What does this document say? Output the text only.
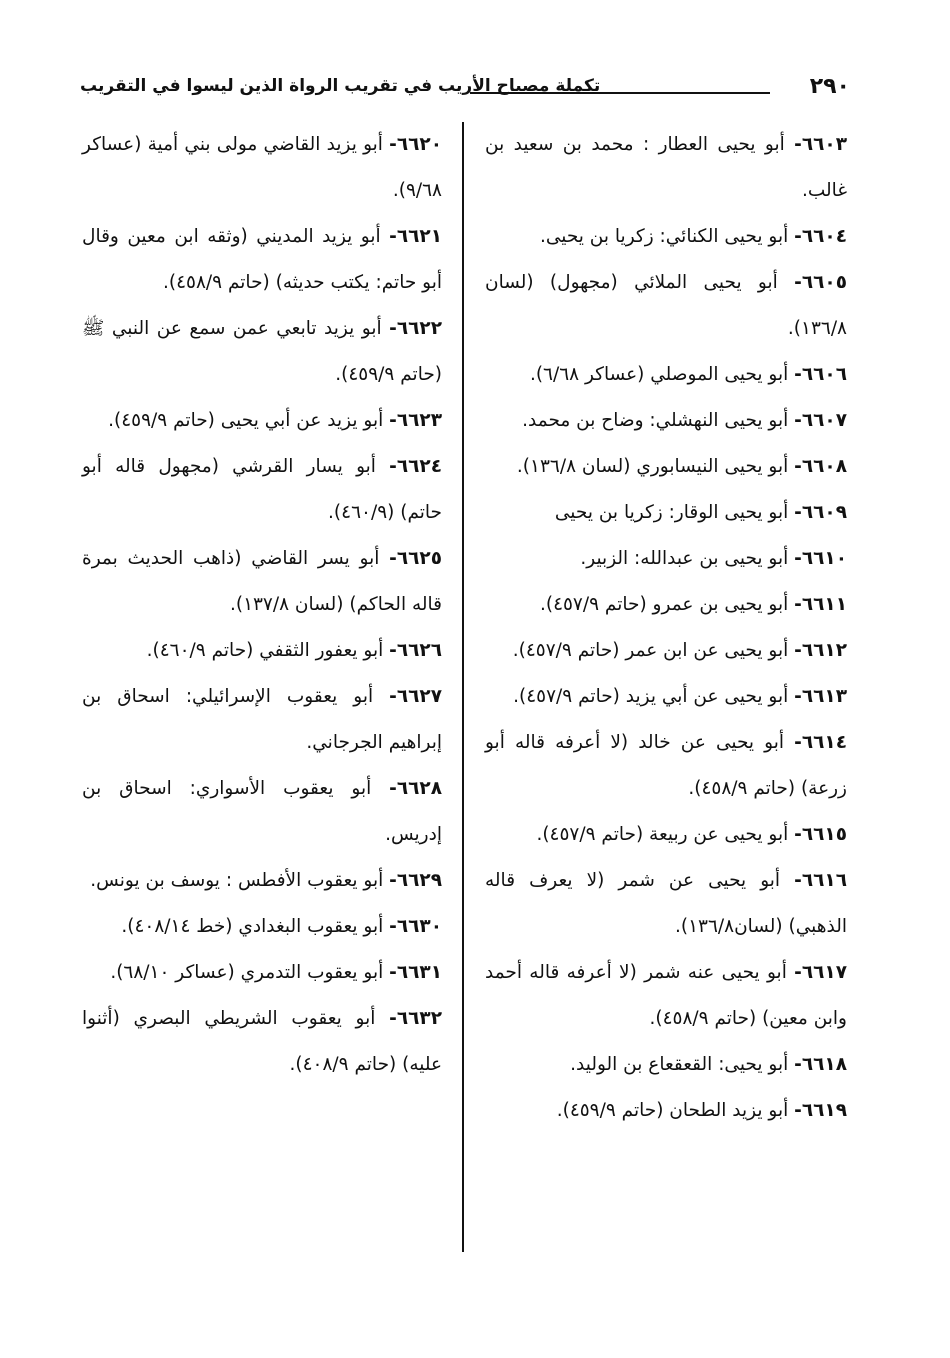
٢٩٠
تكملة مصباح الأريب في تقريب الرواة الذين ليسوا في التقريب

٦٦٠٣- أبو يحيى العطار : محمد بن سعيد بن غالب.

٦٦٠٤- أبو يحيى الكنائي: زكريا بن يحيى.

٦٦٠٥- أبو يحيى الملائي (مجهول) (لسان ١٣٦/٨).

٦٦٠٦- أبو يحيى الموصلي (عساكر ٦/٦٨).

٦٦٠٧- أبو يحيى النهشلي: وضاح بن محمد.

٦٦٠٨- أبو يحيى النيسابوري (لسان ١٣٦/٨).

٦٦٠٩- أبو يحيى الوقار: زكريا بن يحيى

٦٦١٠- أبو يحيى بن عبدالله: الزبير.

٦٦١١- أبو يحيى بن عمرو (حاتم ٤٥٧/٩).

٦٦١٢- أبو يحيى عن ابن عمر (حاتم ٤٥٧/٩).

٦٦١٣- أبو يحيى عن أبي يزيد (حاتم ٤٥٧/٩).

٦٦١٤- أبو يحيى عن خالد (لا أعرفه قاله أبو زرعة) (حاتم ٤٥٨/٩).

٦٦١٥- أبو يحيى عن ربيعة (حاتم ٤٥٧/٩).

٦٦١٦- أبو يحيى عن شمر (لا يعرف قاله الذهبي) (لسان١٣٦/٨).

٦٦١٧- أبو يحيى عنه شمر (لا أعرفه قاله أحمد وابن معين) (حاتم ٤٥٨/٩).

٦٦١٨- أبو يحيى: القعقعاع بن الوليد.

٦٦١٩- أبو يزيد الطحان (حاتم ٤٥٩/٩).

٦٦٢٠- أبو يزيد القاضي مولى بني أمية (عساكر ٩/٦٨).

٦٦٢١- أبو يزيد المديني (وثقه ابن معين وقال أبو حاتم: يكتب حديثه) (حاتم ٤٥٨/٩).

٦٦٢٢- أبو يزيد تابعي عمن سمع عن النبي ﷺ (حاتم ٤٥٩/٩).

٦٦٢٣- أبو يزيد عن أبي يحيى (حاتم ٤٥٩/٩).

٦٦٢٤- أبو يسار القرشي (مجهول قاله أبو حاتم) (٤٦٠/٩).

٦٦٢٥- أبو يسر القاضي (ذاهب الحديث بمرة قاله الحاكم) (لسان ١٣٧/٨).

٦٦٢٦- أبو يعفور الثقفي (حاتم ٤٦٠/٩).

٦٦٢٧- أبو يعقوب الإسرائيلي: اسحاق بن إبراهيم الجرجاني.

٦٦٢٨- أبو يعقوب الأسواري: اسحاق بن إدريس.

٦٦٢٩- أبو يعقوب الأفطس : يوسف بن يونس.

٦٦٣٠- أبو يعقوب البغدادي (خط ٤٠٨/١٤).

٦٦٣١- أبو يعقوب التدمري (عساكر ٦٨/١٠).

٦٦٣٢- أبو يعقوب الشريطي البصري (أثنوا عليه) (حاتم ٤٠٨/٩).
